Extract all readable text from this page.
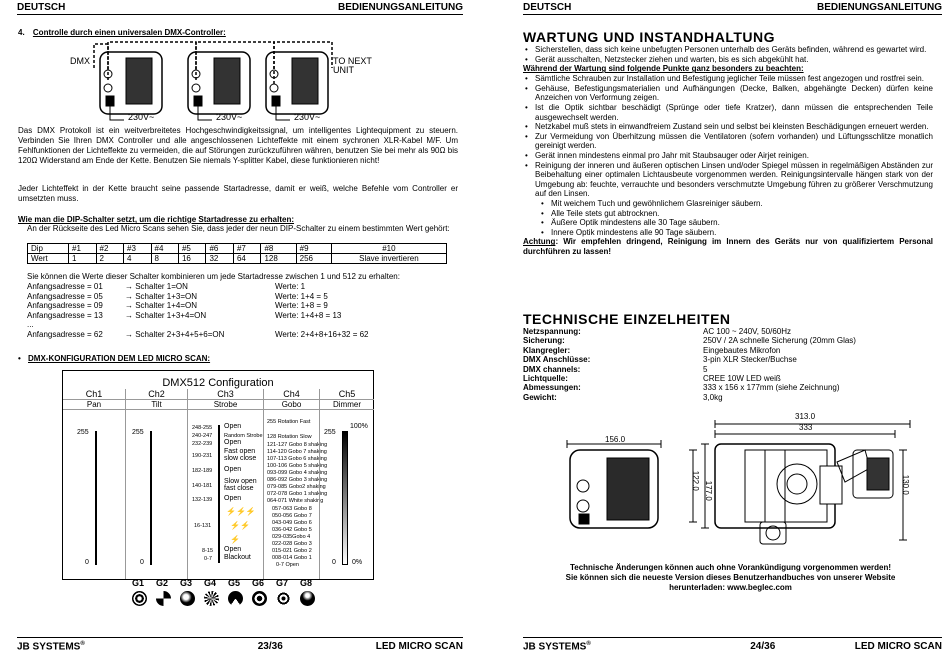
DEUTSCH	BEDIENUNGSANLEITUNG
4. Controlle durch einen universalen DMX-Controller:
DMX	TO NEXT
UNIT
230V~	230V~	230V~

Das DMX Protokoll ist ein weitverbreitetes Hochgeschwindigkeitssignal, um intelligentes Lightequipment zu steuern. Verbinden Sie Ihren DMX Controller und alle angeschlossenen Lichteffekte mit einem sychronen XLR-Kabel M/F. Um Fehlfunktionen der Lichteffekte zu vermeiden, die auf Störungen zurückzuführen währen, benutzen Sie bei mehr als 90Ω bis 120Ω Widerstand am Ende der Kette. Benutzen Sie niemals Y-splitter Kabel, diese funktionieren nicht!

Jeder Lichteffekt in der Kette braucht seine passende Startadresse, damit er weiß, welche Befehle vom Controller er umsetzten muss.

Wie man die DIP-Schalter setzt, um die richtige Startadresse zu erhalten:

An der Rückseite des Led Micro Scans sehen Sie, dass jeder der neun DIP-Schalter zu einem bestimmten Wert gehört:

Dip	#1	#2	#3	#4	#5	#6	#7	#8	#9	#10
Wert	1	2	4	8	16	32	64	128	256	Slave invertieren

Sie können die Werte dieser Schalter kombinieren um jede Startadresse zwischen 1 und 512 zu erhalten:

Anfangsadresse = 01	→ Schalter 1=ON	Werte: 1
Anfangsadresse = 05	→ Schalter 1+3=ON	Werte: 1+4 = 5
Anfangsadresse = 09	→ Schalter 1+4=ON	Werte: 1+8 = 9
Anfangsadresse = 13	→ Schalter 1+3+4=ON	Werte: 1+4+8 = 13
...
Anfangsadresse = 62	→ Schalter 2+3+4+5+6=ON	Werte: 2+4+8+16+32 = 62
• DMX-KONFIGURATION DEM LED MICRO SCAN:
DMX512 Configuration
Ch1
Pan
255
0
Ch2
Tilt
255
0
Ch3
Strobe
248-255 Open
240-247 Random Strobe
232-239 Open
190-231
Fast open
slow close
182-189 Open
140-181
Slow open
fast close
132-139 Open
⚡⚡⚡
16-131 ⚡⚡
⚡
8-15 Open
0-7 Blackout
Ch4
Gobo
255 Rotation Fast
128 Rotation Slow
121-127 Gobo 8 shaking
114-120 Gobo 7 shaking
107-113 Gobo 6 shaking
100-106 Gobo 5 shaking
093-099 Gobo 4 shaking
086-092 Gobo 3 shaking
079-085 Gobo2 shaking
072-078 Gobo 1 shaking
064-071 White shaking
057-063 Gobo 8
050-056 Gobo 7
043-049 Gobo 6
036-042 Gobo 5
029-035Gobo 4
022-028 Gobo 3
015-021 Gobo 2
008-014 Gobo 1
0-7 Open
Ch5
Dimmer
255
0
100%
0%
G1 G2 G3 G4 G5 G6 G7 G8
JB SYSTEMS®	23/36	LED MICRO SCAN
DEUTSCH	BEDIENUNGSANLEITUNG
WARTUNG UND INSTANDHALTUNG
• Sicherstellen, dass sich keine unbefugten Personen unterhalb des Geräts befinden, während es gewartet wird.
• Gerät ausschalten, Netzstecker ziehen und warten, bis es sich abgekühlt hat.
Während der Wartung sind folgende Punkte ganz besonders zu beachten:
• Sämtliche Schrauben zur Installation und Befestigung jeglicher Teile müssen fest angezogen und rostfrei sein.
• Gehäuse, Befestigungsmaterialien und Aufhängungen (Decke, Balken, abgehängte Decken) dürfen keine Anzeichen von Verformung zeigen.
• Ist die Optik sichtbar beschädigt (Sprünge oder tiefe Kratzer), dann müssen die entsprechenden Teile ausgewechselt werden.
• Netzkabel muß stets in einwandfreiem Zustand sein und selbst bei kleinsten Beschädigungen erneuert werden.
• Zur Vermeidung von Überhitzung müssen die Ventilatoren (sofern vorhanden) und Lüftungsschlitze monatlich gereinigt werden.
• Gerät innen mindestens einmal pro Jahr mit Staubsauger oder Airjet reinigen.
• Reinigung der inneren und äußeren optischen Linsen und/oder Spiegel müssen in regelmäßigen Abständen zur Beibehaltung einer optimalen Lichtausbeute vorgenommen werden. Reinigungsintervalle hängen stark von der Umgebung ab: feuchte, verrauchte und besonders verschmutzte Umgebung führen zu größerer Verschmutzung auf den Linsen.
• Mit weichem Tuch und gewöhnlichem Glasreiniger säubern.
• Alle Teile stets gut abtrocknen.
• Äußere Optik mindestens alle 30 Tage säubern.
• Innere Optik mindestens alle 90 Tage säubern.
Achtung: Wir empfehlen dringend, Reinigung im Innern des Geräts nur von qualifiziertem Personal durchführen zu lassen!
TECHNISCHE EINZELHEITEN
Netzspannung:	AC 100 ~ 240V, 50/60Hz
Sicherung:	250V / 2A schnelle Sicherung (20mm Glas)
Klangregler:	Eingebautes Mikrofon
DMX Anschlüsse:	3-pin XLR Stecker/Buchse
DMX channels:	5
Lichtquelle:	CREE 10W LED weiß
Abmessungen:	333 x 156 x 177mm (siehe Zeichnung)
Gewicht:	3,0kg
156.0
313.0
333
122.0 177.0	130.0
Technische Änderungen können auch ohne Vorankündigung vorgenommen werden!
Sie können sich die neueste Version dieses Benutzerhandbuches von unserer Website
herunterladen: www.beglec.com
JB SYSTEMS®	24/36	LED MICRO SCAN
